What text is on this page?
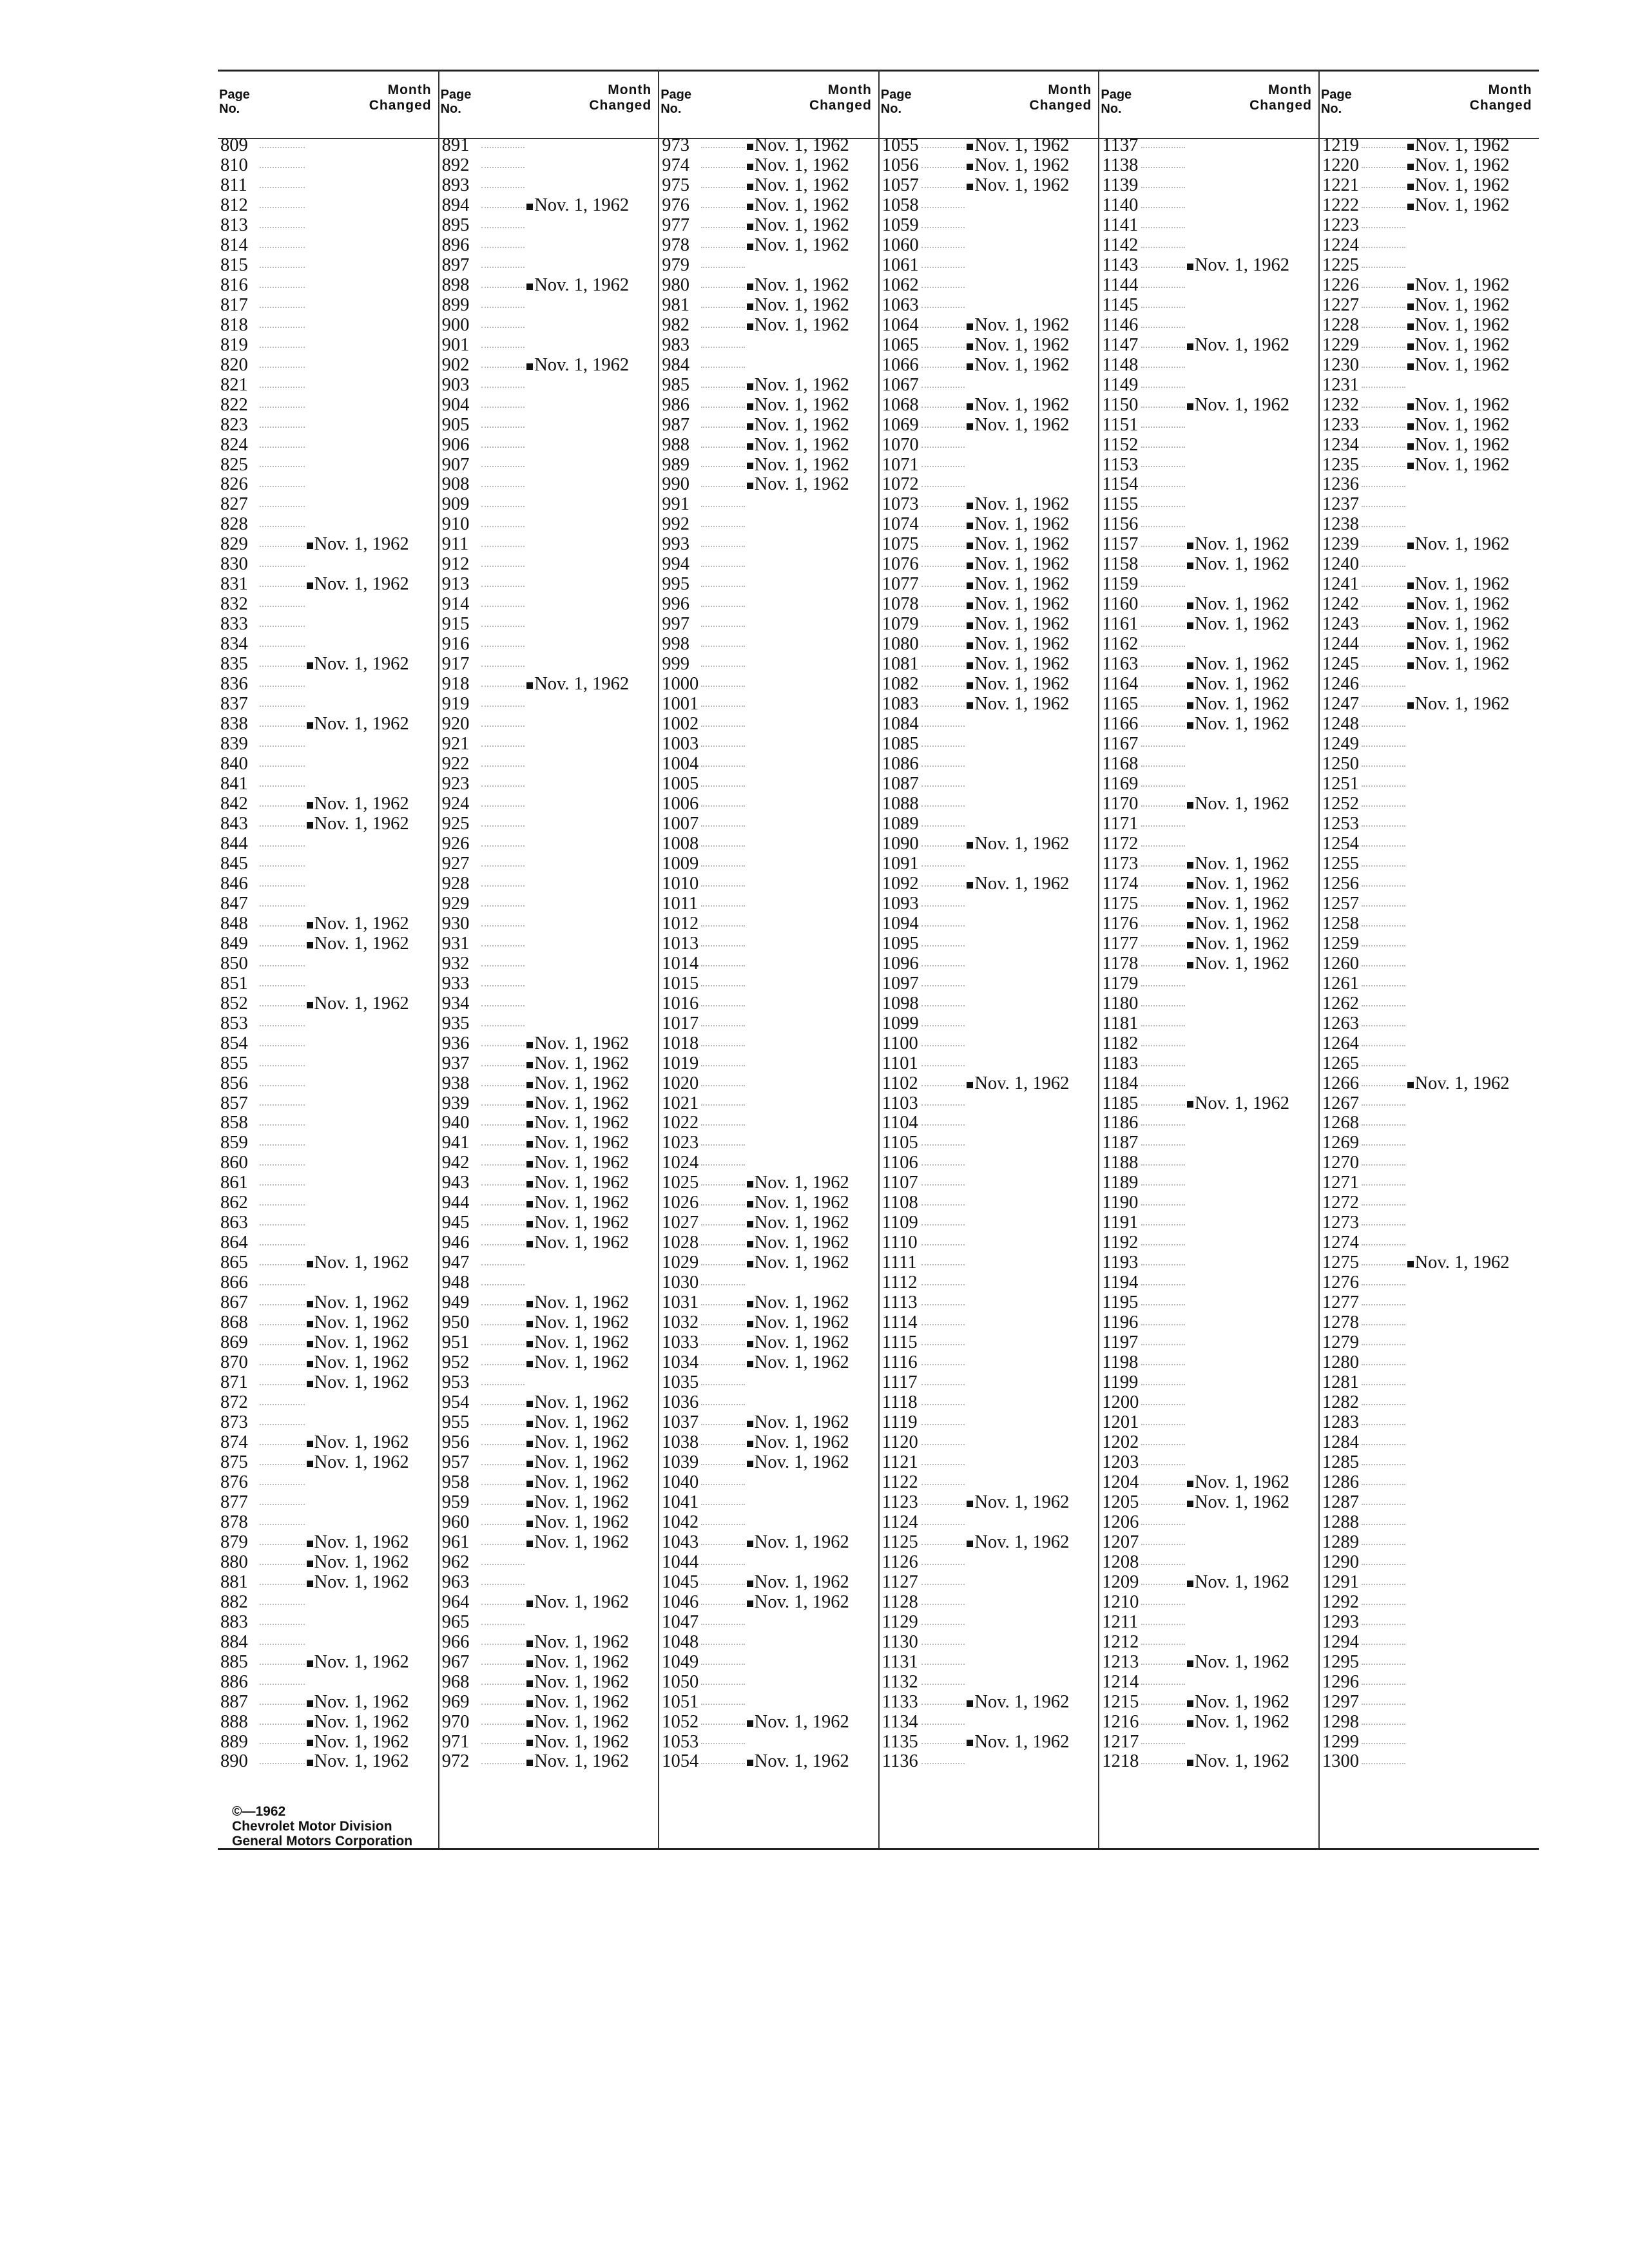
Page
No.
Month
Changed
809
810
811
812
813
814
815
816
817
818
819
820
821
822
823
824
825
826
827
828
829	Nov. 1, 1962
830
831	Nov. 1, 1962
832
833
834
835	Nov. 1, 1962
836
837
838	Nov. 1, 1962
839
840
841
842	Nov. 1, 1962
843	Nov. 1, 1962
844
845
846
847
848	Nov. 1, 1962
849	Nov. 1, 1962
850
851
852	Nov. 1, 1962
853
854
855
856
857
858
859
860
861
862
863
864
865	Nov. 1, 1962
866
867	Nov. 1, 1962
868	Nov. 1, 1962
869	Nov. 1, 1962
870	Nov. 1, 1962
871	Nov. 1, 1962
872
873
874	Nov. 1, 1962
875	Nov. 1, 1962
876
877
878
879	Nov. 1, 1962
880	Nov. 1, 1962
881	Nov. 1, 1962
882
883
884
885	Nov. 1, 1962
886
887	Nov. 1, 1962
888	Nov. 1, 1962
889	Nov. 1, 1962
890	Nov. 1, 1962
Page
No.
Month
Changed
891
892
893
894	Nov. 1, 1962
895
896
897
898	Nov. 1, 1962
899
900
901
902	Nov. 1, 1962
903
904
905
906
907
908
909
910
911
912
913
914
915
916
917
918	Nov. 1, 1962
919
920
921
922
923
924
925
926
927
928
929
930
931
932
933
934
935
936	Nov. 1, 1962
937	Nov. 1, 1962
938	Nov. 1, 1962
939	Nov. 1, 1962
940	Nov. 1, 1962
941	Nov. 1, 1962
942	Nov. 1, 1962
943	Nov. 1, 1962
944	Nov. 1, 1962
945	Nov. 1, 1962
946	Nov. 1, 1962
947
948
949	Nov. 1, 1962
950	Nov. 1, 1962
951	Nov. 1, 1962
952	Nov. 1, 1962
953
954	Nov. 1, 1962
955	Nov. 1, 1962
956	Nov. 1, 1962
957	Nov. 1, 1962
958	Nov. 1, 1962
959	Nov. 1, 1962
960	Nov. 1, 1962
961	Nov. 1, 1962
962
963
964	Nov. 1, 1962
965
966	Nov. 1, 1962
967	Nov. 1, 1962
968	Nov. 1, 1962
969	Nov. 1, 1962
970	Nov. 1, 1962
971	Nov. 1, 1962
972	Nov. 1, 1962
Page
No.
Month
Changed
973	Nov. 1, 1962
974	Nov. 1, 1962
975	Nov. 1, 1962
976	Nov. 1, 1962
977	Nov. 1, 1962
978	Nov. 1, 1962
979
980	Nov. 1, 1962
981	Nov. 1, 1962
982	Nov. 1, 1962
983
984
985	Nov. 1, 1962
986	Nov. 1, 1962
987	Nov. 1, 1962
988	Nov. 1, 1962
989	Nov. 1, 1962
990	Nov. 1, 1962
991
992
993
994
995
996
997
998
999
1000
1001
1002
1003
1004
1005
1006
1007
1008
1009
1010
1011
1012
1013
1014
1015
1016
1017
1018
1019
1020
1021
1022
1023
1024
1025	Nov. 1, 1962
1026	Nov. 1, 1962
1027	Nov. 1, 1962
1028	Nov. 1, 1962
1029	Nov. 1, 1962
1030
1031	Nov. 1, 1962
1032	Nov. 1, 1962
1033	Nov. 1, 1962
1034	Nov. 1, 1962
1035
1036
1037	Nov. 1, 1962
1038	Nov. 1, 1962
1039	Nov. 1, 1962
1040
1041
1042
1043	Nov. 1, 1962
1044
1045	Nov. 1, 1962
1046	Nov. 1, 1962
1047
1048
1049
1050
1051
1052	Nov. 1, 1962
1053
1054	Nov. 1, 1962
Page
No.
Month
Changed
1055	Nov. 1, 1962
1056	Nov. 1, 1962
1057	Nov. 1, 1962
1058
1059
1060
1061
1062
1063
1064	Nov. 1, 1962
1065	Nov. 1, 1962
1066	Nov. 1, 1962
1067
1068	Nov. 1, 1962
1069	Nov. 1, 1962
1070
1071
1072
1073	Nov. 1, 1962
1074	Nov. 1, 1962
1075	Nov. 1, 1962
1076	Nov. 1, 1962
1077	Nov. 1, 1962
1078	Nov. 1, 1962
1079	Nov. 1, 1962
1080	Nov. 1, 1962
1081	Nov. 1, 1962
1082	Nov. 1, 1962
1083	Nov. 1, 1962
1084
1085
1086
1087
1088
1089
1090	Nov. 1, 1962
1091
1092	Nov. 1, 1962
1093
1094
1095
1096
1097
1098
1099
1100
1101
1102	Nov. 1, 1962
1103
1104
1105
1106
1107
1108
1109
1110
1111
1112
1113
1114
1115
1116
1117
1118
1119
1120
1121
1122
1123	Nov. 1, 1962
1124
1125	Nov. 1, 1962
1126
1127
1128
1129
1130
1131
1132
1133	Nov. 1, 1962
1134
1135	Nov. 1, 1962
1136
Page
No.
Month
Changed
1137
1138
1139
1140
1141
1142
1143	Nov. 1, 1962
1144
1145
1146
1147	Nov. 1, 1962
1148
1149
1150	Nov. 1, 1962
1151
1152
1153
1154
1155
1156
1157	Nov. 1, 1962
1158	Nov. 1, 1962
1159
1160	Nov. 1, 1962
1161	Nov. 1, 1962
1162
1163	Nov. 1, 1962
1164	Nov. 1, 1962
1165	Nov. 1, 1962
1166	Nov. 1, 1962
1167
1168
1169
1170	Nov. 1, 1962
1171
1172
1173	Nov. 1, 1962
1174	Nov. 1, 1962
1175	Nov. 1, 1962
1176	Nov. 1, 1962
1177	Nov. 1, 1962
1178	Nov. 1, 1962
1179
1180
1181
1182
1183
1184
1185	Nov. 1, 1962
1186
1187
1188
1189
1190
1191
1192
1193
1194
1195
1196
1197
1198
1199
1200
1201
1202
1203
1204	Nov. 1, 1962
1205	Nov. 1, 1962
1206
1207
1208
1209	Nov. 1, 1962
1210
1211
1212
1213	Nov. 1, 1962
1214
1215	Nov. 1, 1962
1216	Nov. 1, 1962
1217
1218	Nov. 1, 1962
Page
No.
Month
Changed
1219	Nov. 1, 1962
1220	Nov. 1, 1962
1221	Nov. 1, 1962
1222	Nov. 1, 1962
1223
1224
1225
1226	Nov. 1, 1962
1227	Nov. 1, 1962
1228	Nov. 1, 1962
1229	Nov. 1, 1962
1230	Nov. 1, 1962
1231
1232	Nov. 1, 1962
1233	Nov. 1, 1962
1234	Nov. 1, 1962
1235	Nov. 1, 1962
1236
1237
1238
1239	Nov. 1, 1962
1240
1241	Nov. 1, 1962
1242	Nov. 1, 1962
1243	Nov. 1, 1962
1244	Nov. 1, 1962
1245	Nov. 1, 1962
1246
1247	Nov. 1, 1962
1248
1249
1250
1251
1252
1253
1254
1255
1256
1257
1258
1259
1260
1261
1262
1263
1264
1265
1266	Nov. 1, 1962
1267
1268
1269
1270
1271
1272
1273
1274
1275	Nov. 1, 1962
1276
1277
1278
1279
1280
1281
1282
1283
1284
1285
1286
1287
1288
1289
1290
1291
1292
1293
1294
1295
1296
1297
1298
1299
1300
©—1962
Chevrolet Motor Division
General Motors Corporation
